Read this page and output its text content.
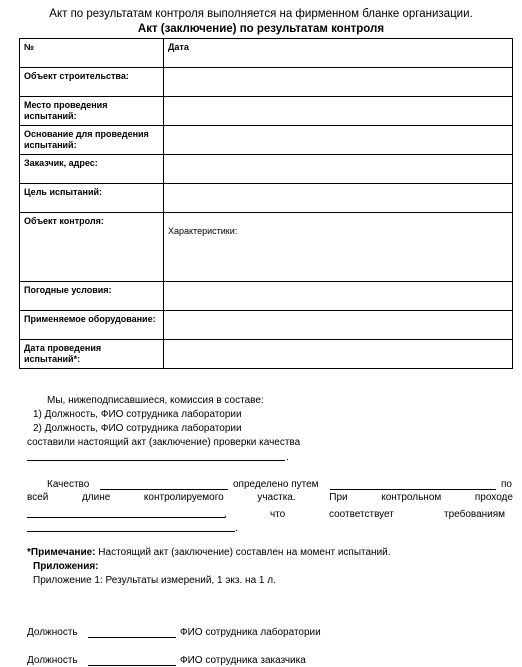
Акт по результатам контроля выполняется на фирменном бланке организации.
Акт (заключение) по результатам контроля
№	Дата
Объект строительства:	
Место проведения испытаний:	
Основание для проведения испытаний:	
Заказчик, адрес:	
Цель испытаний:	
Объект контроля:	Характеристики:

Погодные условия:	
Применяемое оборудование:	
Дата проведения испытаний*:	
Мы, нижеподписавшиеся, комиссия в составе:
1) Должность, ФИО сотрудника лаборатории
2) Должность, ФИО сотрудника лаборатории
составили настоящий акт (заключение) проверки качества
.
Качество	определено путем	по
всей	длине	контролируемого	участка.	При	контрольном	проходе
,	что	соответствует	требованиям
.
*Примечание: Настоящий акт (заключение) составлен на момент испытаний.
Приложения:
Приложение 1: Результаты измерений, 1 экз. на 1 л.
Должность	ФИО сотрудника лаборатории
Должность	ФИО сотрудника заказчика
